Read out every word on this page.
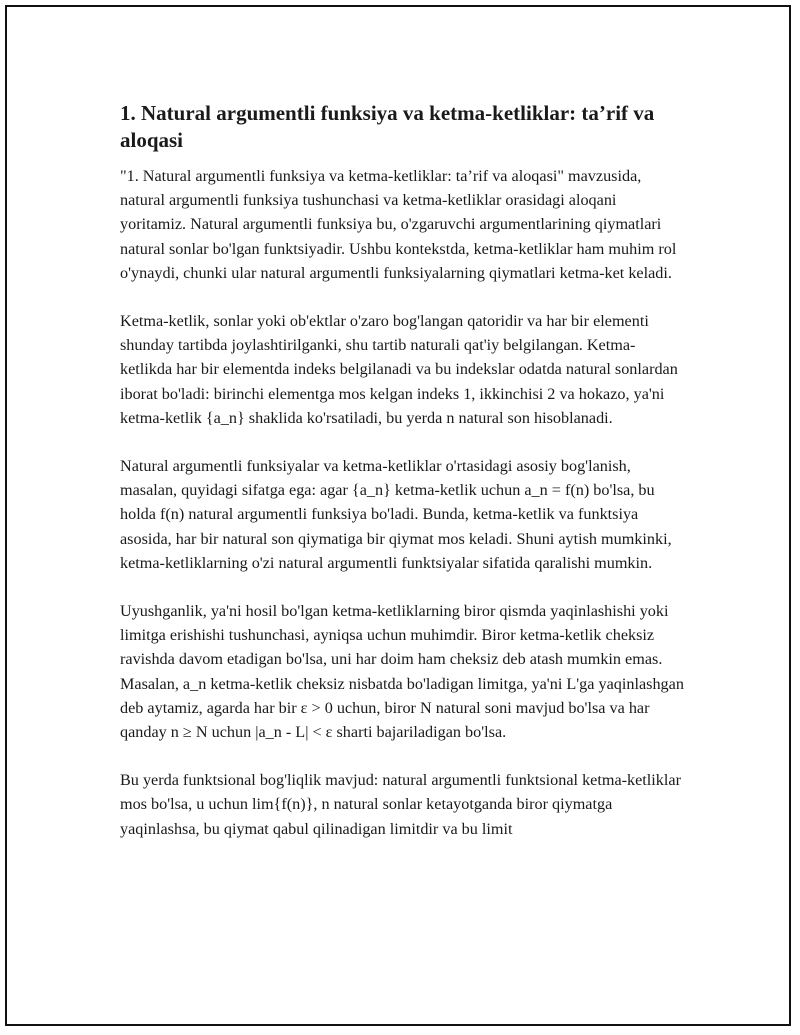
1. Natural argumentli funksiya va ketma-ketliklar: ta’rif va aloqasi

"1. Natural argumentli funksiya va ketma-ketliklar: ta’rif va aloqasi" mavzusida, natural argumentli funksiya tushunchasi va ketma-ketliklar orasidagi aloqani yoritamiz. Natural argumentli funksiya bu, o'zgaruvchi argumentlarining qiymatlari natural sonlar bo'lgan funktsiyadir. Ushbu kontekstda, ketma-ketliklar ham muhim rol o'ynaydi, chunki ular natural argumentli funksiyalarning qiymatlari ketma-ket keladi.

Ketma-ketlik, sonlar yoki ob'ektlar o'zaro bog'langan qatoridir va har bir elementi shunday tartibda joylashtirilganki, shu tartib naturali qat'iy belgilangan. Ketma-ketlikda har bir elementda indeks belgilanadi va bu indekslar odatda natural sonlardan iborat bo'ladi: birinchi elementga mos kelgan indeks 1, ikkinchisi 2 va hokazo, ya'ni ketma-ketlik {a_n} shaklida ko'rsatiladi, bu yerda n natural son hisoblanadi.

Natural argumentli funksiyalar va ketma-ketliklar o'rtasidagi asosiy bog'lanish, masalan, quyidagi sifatga ega: agar {a_n} ketma-ketlik uchun a_n = f(n) bo'lsa, bu holda f(n) natural argumentli funksiya bo'ladi. Bunda, ketma-ketlik va funktsiya asosida, har bir natural son qiymatiga bir qiymat mos keladi. Shuni aytish mumkinki, ketma-ketliklarning o'zi natural argumentli funktsiyalar sifatida qaralishi mumkin.

Uyushganlik, ya'ni hosil bo'lgan ketma-ketliklarning biror qismda yaqinlashishi yoki limitga erishishi tushunchasi, ayniqsa uchun muhimdir. Biror ketma-ketlik cheksiz ravishda davom etadigan bo'lsa, uni har doim ham cheksiz deb atash mumkin emas. Masalan, a_n ketma-ketlik cheksiz nisbatda bo'ladigan limitga, ya'ni L'ga yaqinlashgan deb aytamiz, agarda har bir ε > 0 uchun, biror N natural soni mavjud bo'lsa va har qanday n ≥ N uchun |a_n - L| < ε sharti bajariladigan bo'lsa.

Bu yerda funktsional bog'liqlik mavjud: natural argumentli funktsional ketma-ketliklar mos bo'lsa, u uchun lim{f(n)}, n natural sonlar ketayotganda biror qiymatga yaqinlashsa, bu qiymat qabul qilinadigan limitdir va bu limit
